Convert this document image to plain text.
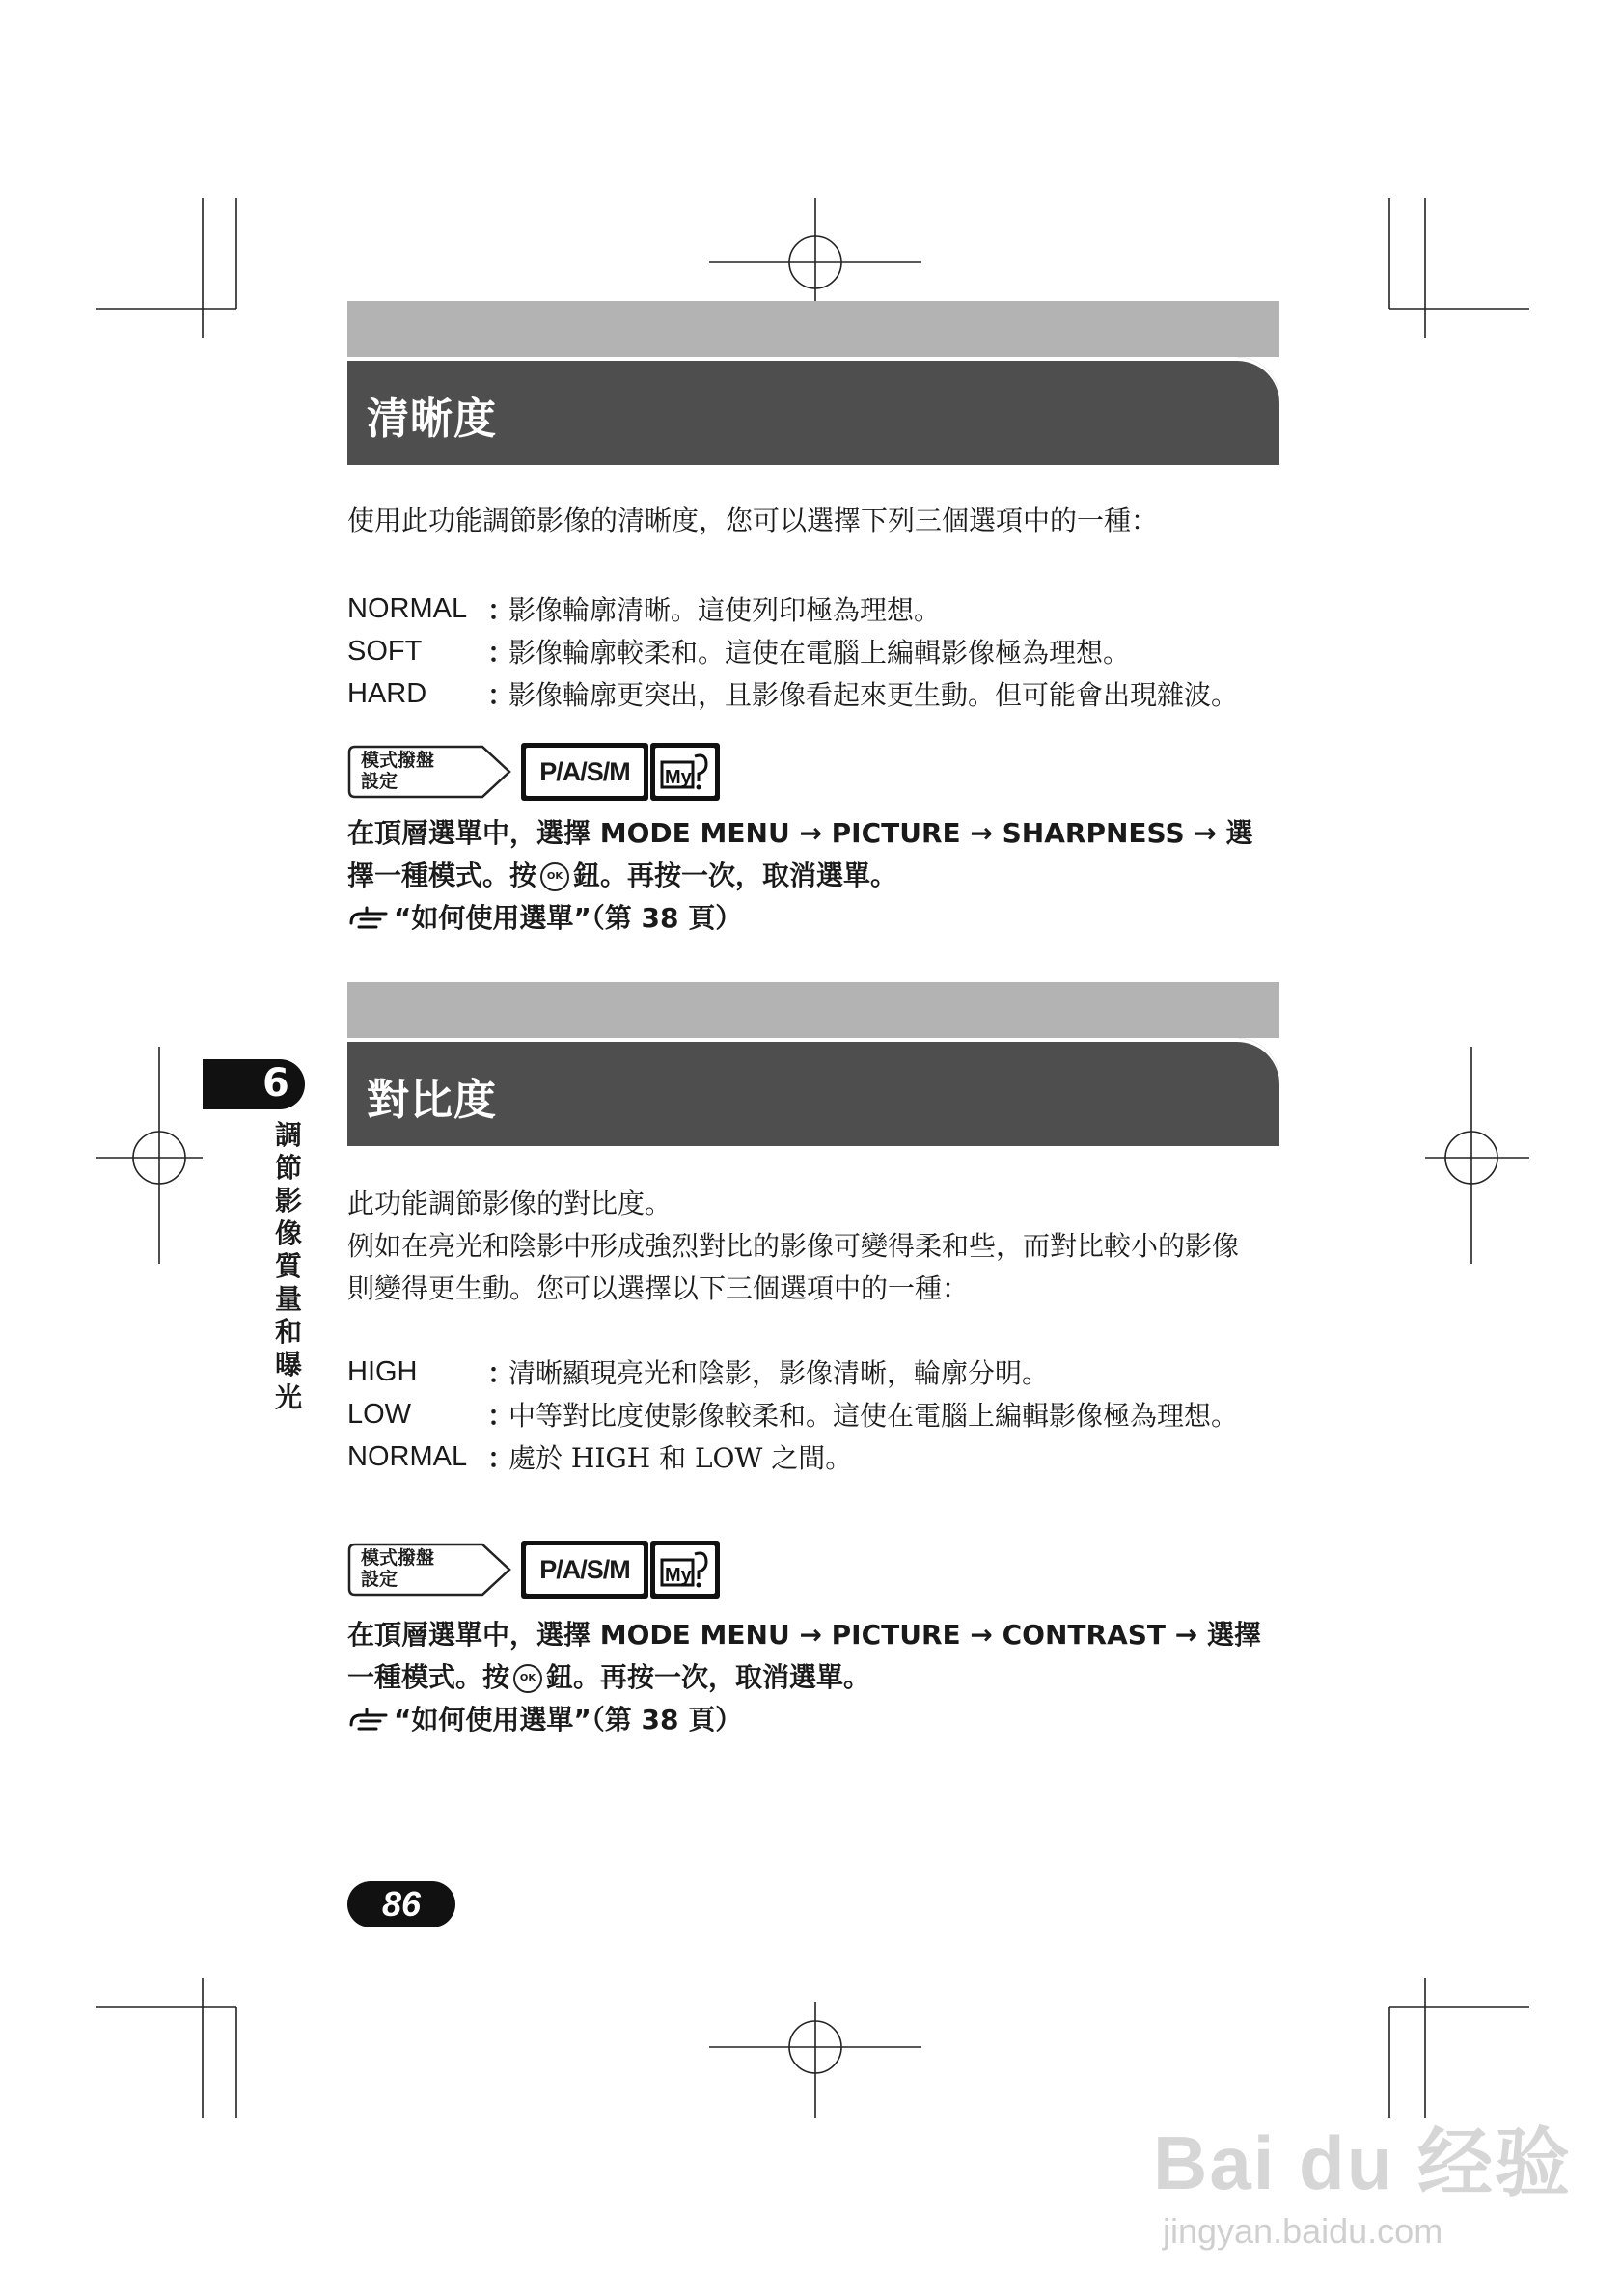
清晰度
使用此功能調節影像的清晰度，您可以選擇下列三個選項中的一種：
NORMAL ：
影像輪廓清晰。這使列印極為理想。
SOFT	：
影像輪廓較柔和。這使在電腦上編輯影像極為理想。
HARD	：
影像輪廓更突出，且影像看起來更生動。但可能會出現雜波。
模式撥盤
設定	P/A/S/M	My
在頂層選單中，選擇 MODE MENU → PICTURE → SHARPNESS → 選
擇一種模式。按 OK 鈕。再按一次，取消選單。
“如何使用選單”（第 38 頁）
對比度
此功能調節影像的對比度。
例如在亮光和陰影中形成強烈對比的影像可變得柔和些，而對比較小的影像
則變得更生動。您可以選擇以下三個選項中的一種：
HIGH	：
清晰顯現亮光和陰影，影像清晰，輪廓分明。
LOW	：
中等對比度使影像較柔和。這使在電腦上編輯影像極為理想。
NORMAL ：
處於 HIGH 和 LOW 之間。
模式撥盤
設定	P/A/S/M	My
在頂層選單中，選擇 MODE MENU → PICTURE → CONTRAST → 選擇
一種模式。按 OK 鈕。再按一次，取消選單。
“如何使用選單”（第 38 頁）
6
調節影像質量和曝光
86
Bai du 经验
jingyan.baidu.com
